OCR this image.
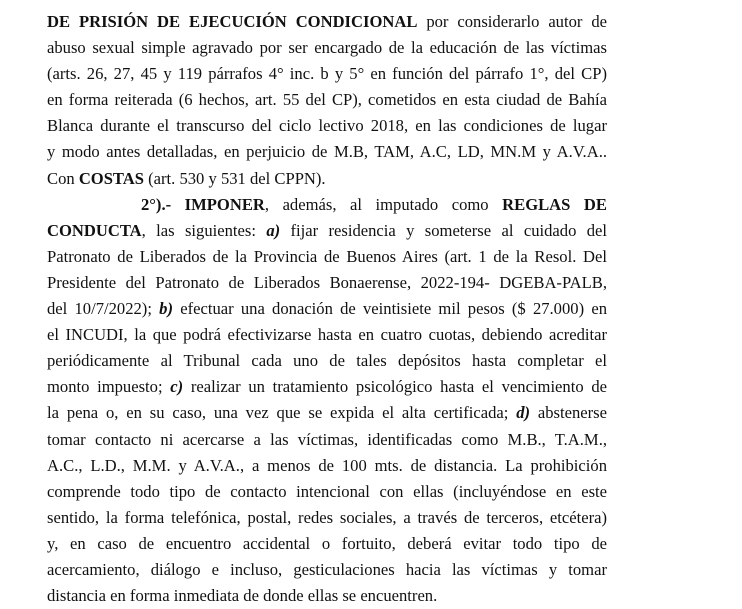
DE PRISIÓN DE EJECUCIÓN CONDICIONAL por considerarlo autor de
abuso sexual simple agravado por ser encargado de la educación de las víctimas
(arts. 26, 27, 45 y 119 párrafos 4° inc. b y 5° en función del párrafo 1°, del CP)
en forma reiterada (6 hechos, art. 55 del CP), cometidos en esta ciudad de Bahía
Blanca durante el transcurso del ciclo lectivo 2018, en las condiciones de lugar
y modo antes detalladas, en perjuicio de M.B, TAM, A.C, LD, MN.M y A.V.A..
Con COSTAS (art. 530 y 531 del CPPN).
2°).- IMPONER, además, al imputado como REGLAS DE
CONDUCTA, las siguientes: a) fijar residencia y someterse al cuidado del
Patronato de Liberados de la Provincia de Buenos Aires (art. 1 de la Resol. Del
Presidente del Patronato de Liberados Bonaerense, 2022-194- DGEBA-PALB,
del 10/7/2022); b) efectuar una donación de veintisiete mil pesos ($ 27.000) en
el INCUDI, la que podrá efectivizarse hasta en cuatro cuotas, debiendo acreditar
periódicamente al Tribunal cada uno de tales depósitos hasta completar el
monto impuesto; c) realizar un tratamiento psicológico hasta el vencimiento de
la pena o, en su caso, una vez que se expida el alta certificada; d) abstenerse
tomar contacto ni acercarse a las víctimas, identificadas como M.B., T.A.M.,
A.C., L.D., M.M. y A.V.A., a menos de 100 mts. de distancia. La prohibición
comprende todo tipo de contacto intencional con ellas (incluyéndose en este
sentido, la forma telefónica, postal, redes sociales, a través de terceros, etcétera)
y, en caso de encuentro accidental o fortuito, deberá evitar todo tipo de
acercamiento, diálogo e incluso, gesticulaciones hacia las víctimas y tomar
distancia en forma inmediata de donde ellas se encuentren.
